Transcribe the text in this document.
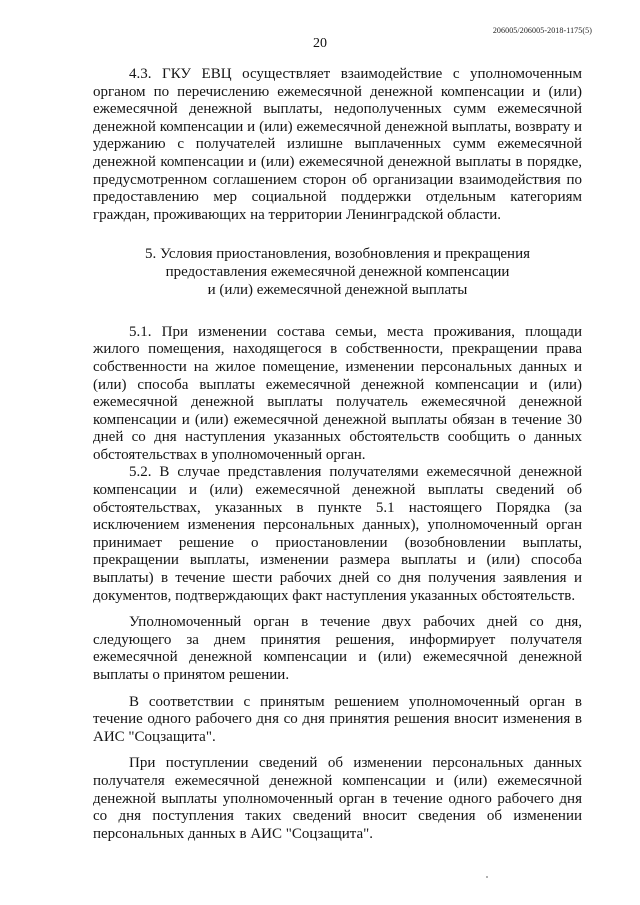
206005/206005-2018-1175(5)
20

4.3. ГКУ ЕВЦ осуществляет взаимодействие с уполномоченным органом по перечислению ежемесячной денежной компенсации и (или) ежемесячной денежной выплаты, недополученных сумм ежемесячной денежной компенсации и (или) ежемесячной денежной выплаты, возврату и удержанию с получателей излишне выплаченных сумм ежемесячной денежной компенсации и (или) ежемесячной денежной выплаты в порядке, предусмотренном соглашением сторон об организации взаимодействия по предоставлению мер социальной поддержки отдельным категориям граждан, проживающих на территории Ленинградской области.

5. Условия приостановления, возобновления и прекращения
предоставления ежемесячной денежной компенсации
и (или) ежемесячной денежной выплаты

5.1. При изменении состава семьи, места проживания, площади жилого помещения, находящегося в собственности, прекращении права собственности на жилое помещение, изменении персональных данных и (или) способа выплаты ежемесячной денежной компенсации и (или) ежемесячной денежной выплаты получатель ежемесячной денежной компенсации и (или) ежемесячной денежной выплаты обязан в течение 30 дней со дня наступления указанных обстоятельств сообщить о данных обстоятельствах в уполномоченный орган.

5.2. В случае представления получателями ежемесячной денежной компенсации и (или) ежемесячной денежной выплаты сведений об обстоятельствах, указанных в пункте 5.1 настоящего Порядка (за исключением изменения персональных данных), уполномоченный орган принимает решение о приостановлении (возобновлении выплаты, прекращении выплаты, изменении размера выплаты и (или) способа выплаты) в течение шести рабочих дней со дня получения заявления и документов, подтверждающих факт наступления указанных обстоятельств.

Уполномоченный орган в течение двух рабочих дней со дня, следующего за днем принятия решения, информирует получателя ежемесячной денежной компенсации и (или) ежемесячной денежной выплаты о принятом решении.

В соответствии с принятым решением уполномоченный орган в течение одного рабочего дня со дня принятия решения вносит изменения в АИС "Соцзащита".

При поступлении сведений об изменении персональных данных получателя ежемесячной денежной компенсации и (или) ежемесячной денежной выплаты уполномоченный орган в течение одного рабочего дня со дня поступления таких сведений вносит сведения об изменении персональных данных в АИС "Соцзащита".
